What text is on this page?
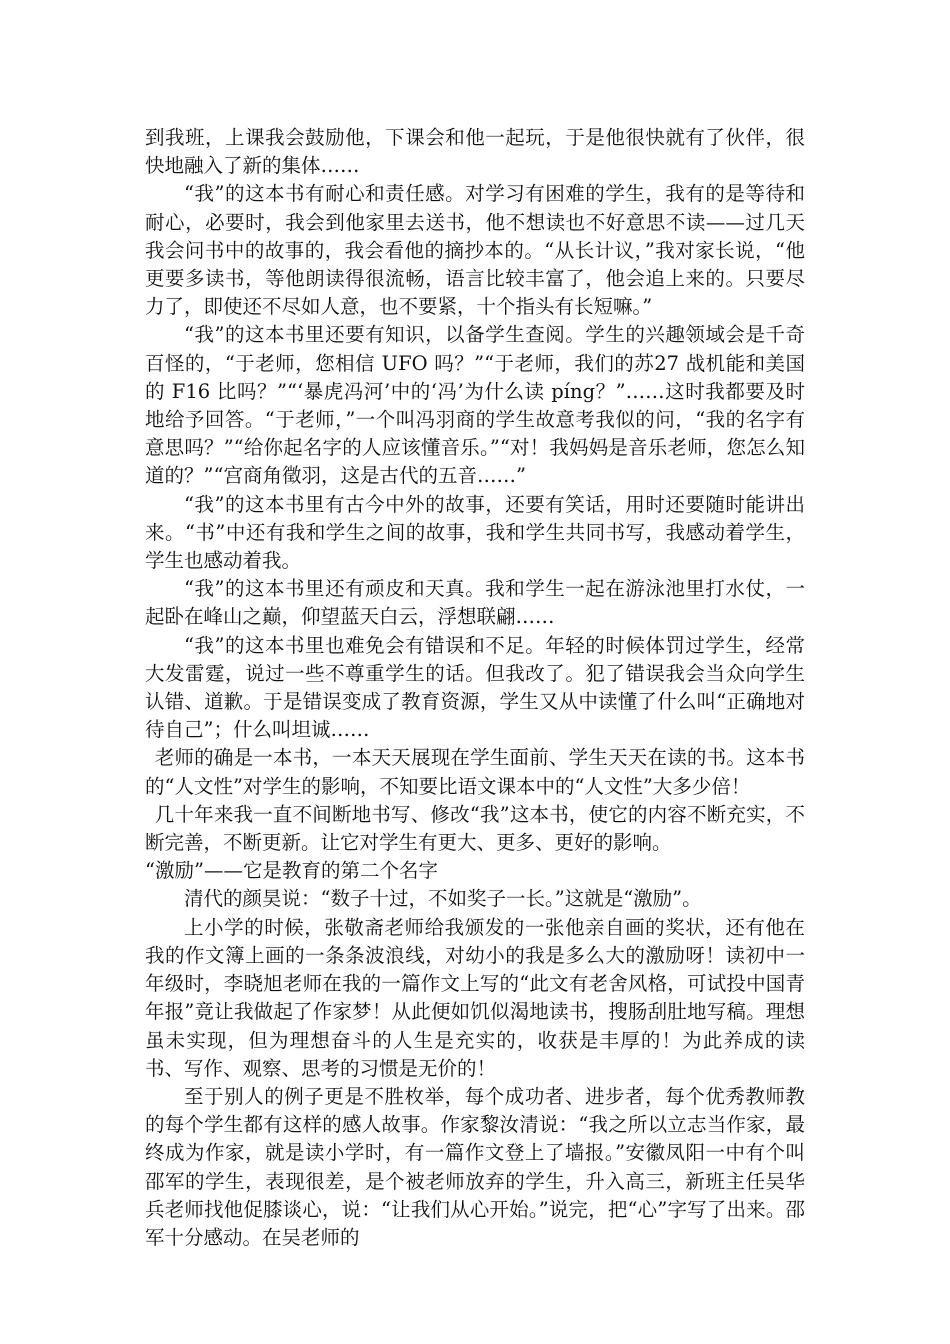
到我班，上课我会鼓励他，下课会和他一起玩，于是他很快就有了伙伴，很快地融入了新的集体……

“我”的这本书有耐心和责任感。对学习有困难的学生，我有的是等待和耐心，必要时，我会到他家里去送书，他不想读也不好意思不读——过几天我会问书中的故事的，我会看他的摘抄本的。“从长计议，”我对家长说，“他更要多读书，等他朗读得很流畅，语言比较丰富了，他会追上来的。只要尽力了，即使还不尽如人意，也不要紧，十个指头有长短嘛。”

“我”的这本书里还要有知识，以备学生查阅。学生的兴趣领域会是千奇百怪的，“于老师，您相信 UFO 吗？”“于老师，我们的苏27 战机能和美国的 F16 比吗？”“‘暴虎冯河’中的‘冯’为什么读 píng？”……这时我都要及时地给予回答。“于老师，”一个叫冯羽商的学生故意考我似的问，“我的名字有意思吗？”“给你起名字的人应该懂音乐。”“对！我妈妈是音乐老师，您怎么知道的？”“宫商角徵羽，这是古代的五音……”

“我”的这本书里有古今中外的故事，还要有笑话，用时还要随时能讲出来。“书”中还有我和学生之间的故事，我和学生共同书写，我感动着学生，学生也感动着我。

“我”的这本书里还有顽皮和天真。我和学生一起在游泳池里打水仗，一起卧在峰山之巅，仰望蓝天白云，浮想联翩……

“我”的这本书里也难免会有错误和不足。年轻的时候体罚过学生，经常大发雷霆，说过一些不尊重学生的话。但我改了。犯了错误我会当众向学生认错、道歉。于是错误变成了教育资源，学生又从中读懂了什么叫“正确地对待自己”；什么叫坦诚……

老师的确是一本书，一本天天展现在学生面前、学生天天在读的书。这本书的“人文性”对学生的影响，不知要比语文课本中的“人文性”大多少倍！

几十年来我一直不间断地书写、修改“我”这本书，使它的内容不断充实，不断完善，不断更新。让它对学生有更大、更多、更好的影响。

“激励”——它是教育的第二个名字

清代的颜昊说：“数子十过，不如奖子一长。”这就是“激励”。

上小学的时候，张敬斋老师给我颁发的一张他亲自画的奖状，还有他在我的作文簿上画的一条条波浪线，对幼小的我是多么大的激励呀！读初中一年级时，李晓旭老师在我的一篇作文上写的“此文有老舍风格，可试投中国青年报”竟让我做起了作家梦！从此便如饥似渴地读书，搜肠刮肚地写稿。理想虽未实现，但为理想奋斗的人生是充实的，收获是丰厚的！为此养成的读书、写作、观察、思考的习惯是无价的！

至于别人的例子更是不胜枚举，每个成功者、进步者，每个优秀教师教的每个学生都有这样的感人故事。作家黎汝清说：“我之所以立志当作家，最终成为作家，就是读小学时，有一篇作文登上了墙报。”安徽凤阳一中有个叫邵军的学生，表现很差，是个被老师放弃的学生，升入高三，新班主任吴华兵老师找他促膝谈心，说：“让我们从心开始。”说完，把“心”字写了出来。邵军十分感动。在吴老师的
